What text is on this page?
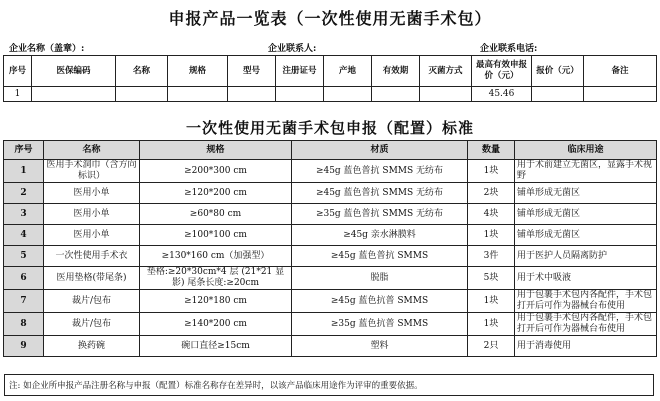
申报产品一览表（一次性使用无菌手术包）
企业名称（盖章）:	企业联系人:	企业联系电话:
序号	医保编码	名称	规格	型号	注册证号	产地	有效期	灭菌方式	最高有效申报价（元）	报价（元）	备注
1									45.46		
一次性使用无菌手术包申报（配置）标准
序号	名称	规格	材质	数量	临床用途
1	医用手术洞巾（含方向标识）	≥200*300 cm	≥45g 蓝色普抗 SMMS 无纺布	1块	用于术前建立无菌区，显露手术视野
2	医用小单	≥120*200 cm	≥45g 蓝色普抗 SMMS 无纺布	2块	铺单形成无菌区
3	医用小单	≥60*80 cm	≥35g 蓝色普抗 SMMS 无纺布	4块	铺单形成无菌区
4	医用小单	≥100*100 cm	≥45g 亲水淋膜料	1块	铺单形成无菌区
5	一次性使用手术衣	≥130*160 cm（加强型）	≥45g 蓝色普抗 SMMS	3件	用于医护人员隔离防护
6	医用垫格(带尾条)	垫格:≥20*30cm*4 层 (21*21 显影) 尾条长度:≥20cm	脱脂	5块	用于术中吸液
7	裁片/包布	≥120*180 cm	≥45g 蓝色抗普 SMMS	1块	用于包裹手术包内各配件，手术包打开后可作为器械台布使用
8	裁片/包布	≥140*200 cm	≥35g 蓝色抗普 SMMS	1块	用于包裹手术包内各配件，手术包打开后可作为器械台布使用
9	换药碗	碗口直径≥15cm	塑料	2只	用于消毒使用
注: 如企业所申报产品注册名称与申报（配置）标准名称存在差异时，以该产品临床用途作为评审的重要依据。
